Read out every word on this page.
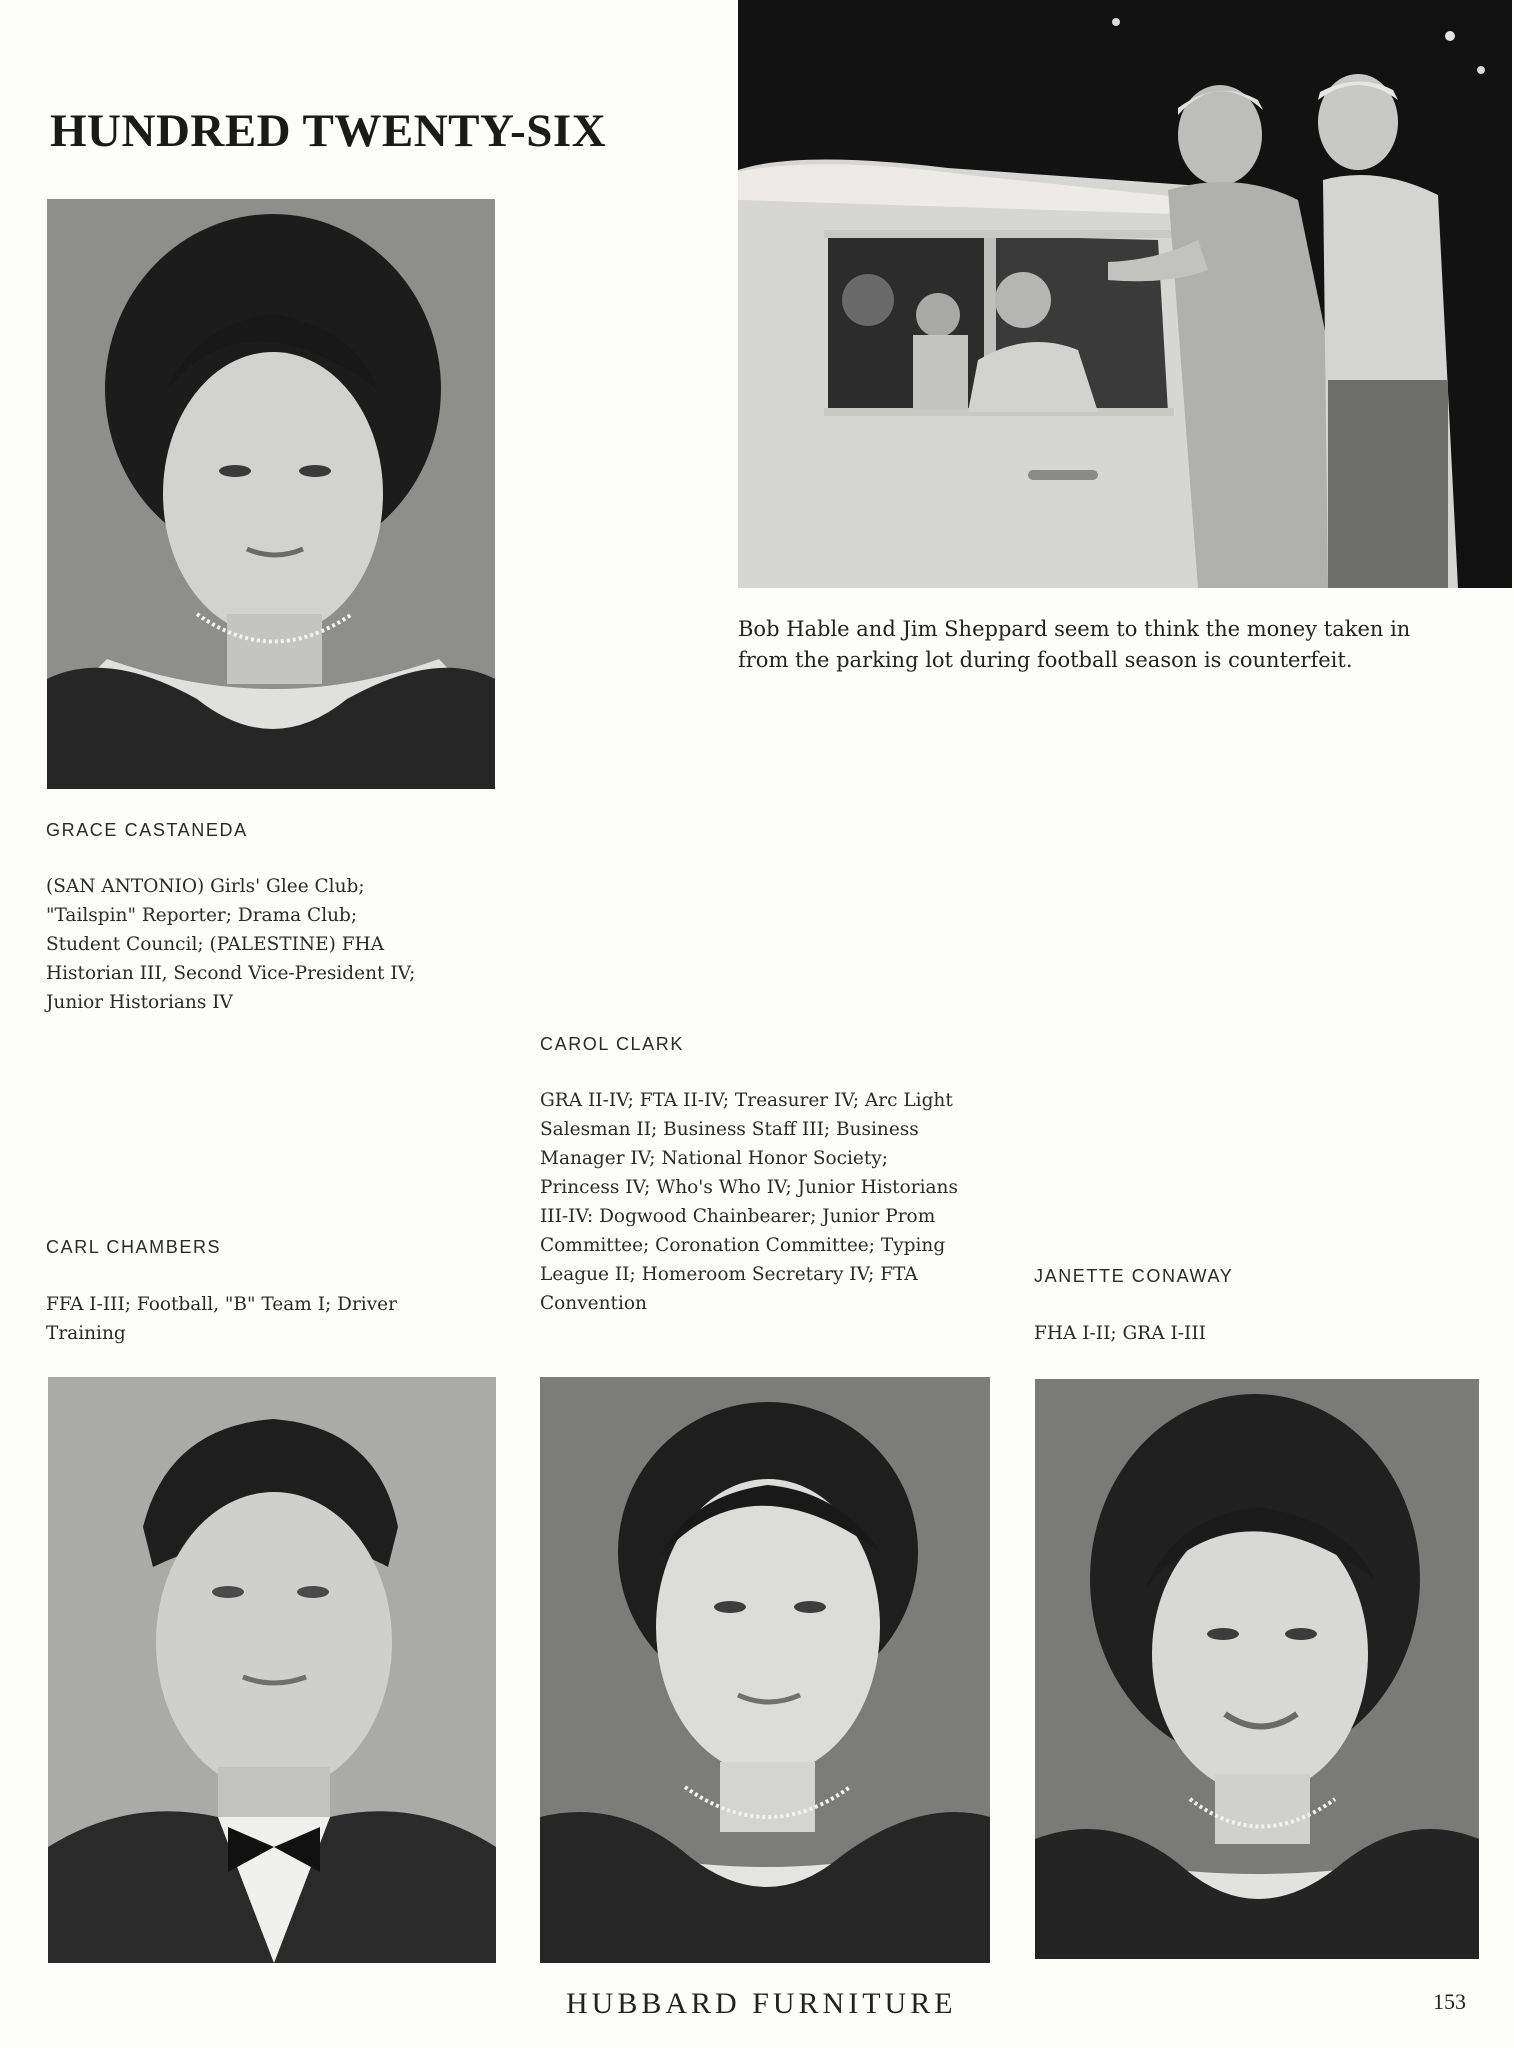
HUNDRED TWENTY-SIX
Bob Hable and Jim Sheppard seem to think the money taken in from the parking lot during football season is counterfeit.
GRACE CASTANEDA
(SAN ANTONIO) Girls' Glee Club; "Tailspin" Reporter; Drama Club; Student Council; (PALESTINE) FHA Historian III, Second Vice-President IV; Junior Historians IV
CAROL CLARK
GRA II-IV; FTA II-IV; Treasurer IV; Arc Light Salesman II; Business Staff III; Business Manager IV; National Honor Society; Princess IV; Who's Who IV; Junior Historians III-IV: Dogwood Chainbearer; Junior Prom Committee; Coronation Committee; Typing League II; Homeroom Secretary IV; FTA Convention
CARL CHAMBERS
FFA I-III; Football, "B" Team I; Driver Training
JANETTE CONAWAY
FHA I-II; GRA I-III
HUBBARD FURNITURE	153
